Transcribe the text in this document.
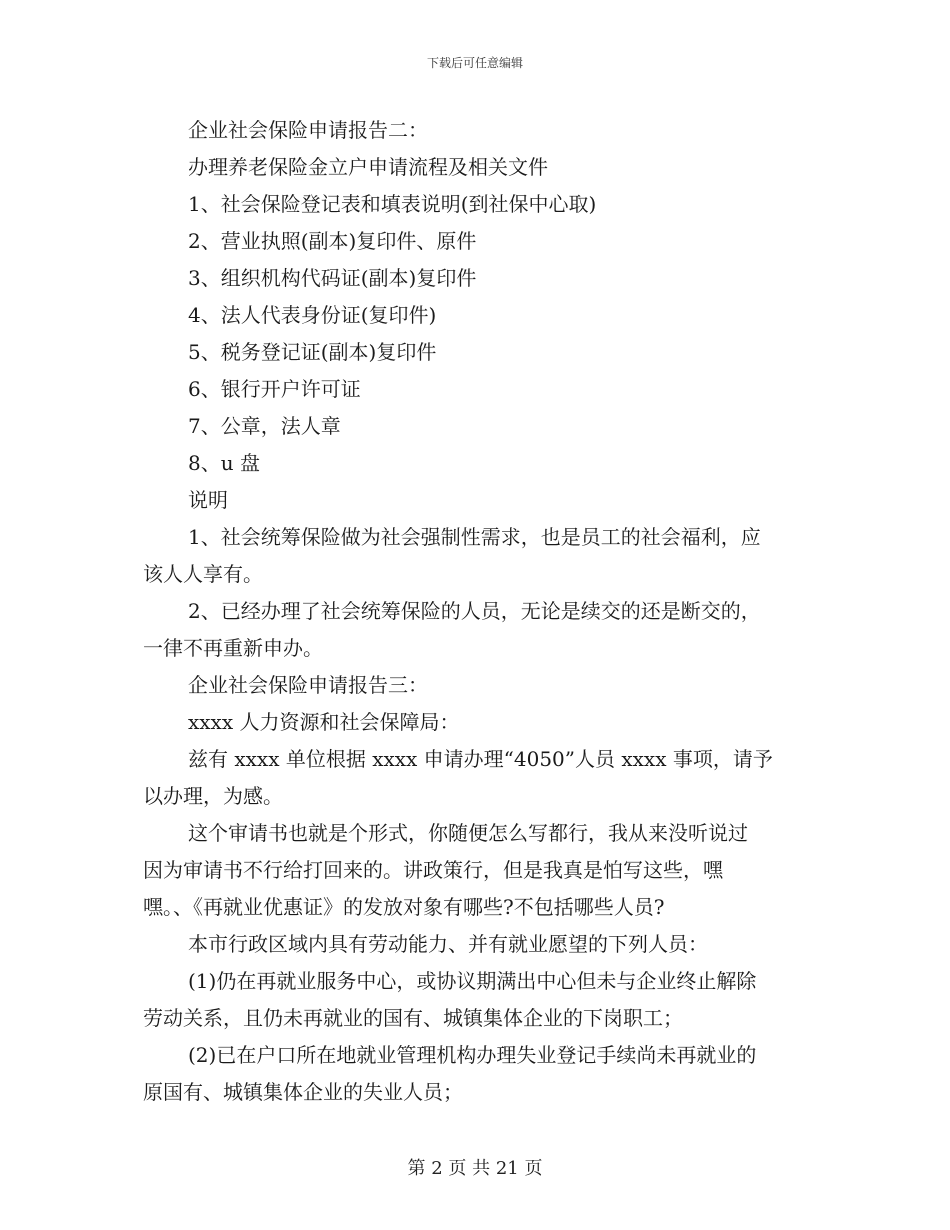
下载后可任意编辑
企业社会保险申请报告二：
办理养老保险金立户申请流程及相关文件
1、社会保险登记表和填表说明(到社保中心取)
2、营业执照(副本)复印件、原件
3、组织机构代码证(副本)复印件
4、法人代表身份证(复印件)
5、税务登记证(副本)复印件
6、银行开户许可证
7、公章，法人章
8、u 盘
说明
1、社会统筹保险做为社会强制性需求，也是员工的社会福利，应
该人人享有。
2、已经办理了社会统筹保险的人员，无论是续交的还是断交的，
一律不再重新申办。
企业社会保险申请报告三：
xxxx 人力资源和社会保障局：
兹有 xxxx 单位根据 xxxx 申请办理“4050”人员 xxxx 事项，请予
以办理，为感。
这个审请书也就是个形式，你随便怎么写都行，我从来没听说过
因为审请书不行给打回来的。讲政策行，但是我真是怕写这些，嘿
嘿。、《再就业优惠证》的发放对象有哪些?不包括哪些人员?
本市行政区域内具有劳动能力、并有就业愿望的下列人员：
(1)仍在再就业服务中心，或协议期满出中心但未与企业终止解除
劳动关系，且仍未再就业的国有、城镇集体企业的下岗职工；
(2)已在户口所在地就业管理机构办理失业登记手续尚未再就业的
原国有、城镇集体企业的失业人员；
第 2 页 共 21 页
